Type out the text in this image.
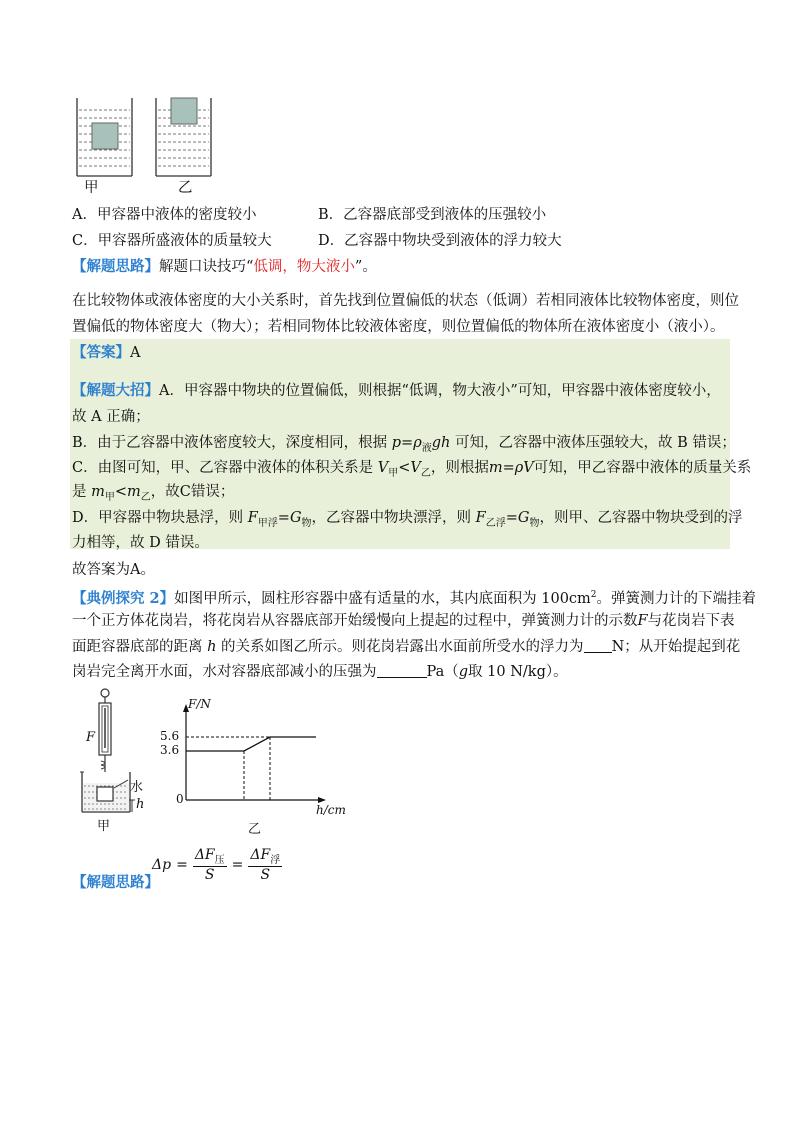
甲	乙
A．甲容器中液体的密度较小	B．乙容器底部受到液体的压强较小
C．甲容器所盛液体的质量较大	D．乙容器中物块受到液体的浮力较大
【解题思路】解题口诀技巧“低调，物大液小”。
在比较物体或液体密度的大小关系时，首先找到位置偏低的状态（低调）若相同液体比较物体密度，则位
置偏低的物体密度大（物大）；若相同物体比较液体密度，则位置偏低的物体所在液体密度小（液小）。
【答案】A
【解题大招】A．甲容器中物块的位置偏低，则根据“低调，物大液小”可知，甲容器中液体密度较小，
故 A 正确；
B．由于乙容器中液体密度较大，深度相同，根据 $p=\rho_液gh$ 可知，乙容器中液体压强较大，故 B 错误；
C．由图可知，甲、乙容器中液体的体积关系是 $V_甲<V_乙$，则根据m=ρV可知，甲乙容器中液体的质量关系
是 $m_甲<m_乙$，故C错误；
D．甲容器中物块悬浮，则 $F_{甲浮}=G_物$，乙容器中物块漂浮，则 $F_{乙浮}=G_物$，则甲、乙容器中物块受到的浮
力相等，故 D 错误。
故答案为A。
【典例探究 2】如图甲所示，圆柱形容器中盛有适量的水，其内底面积为 $100cm^2$。弹簧测力计的下端挂着
一个正方体花岗岩，将花岗岩从容器底部开始缓慢向上提起的过程中，弹簧测力计的示数F与花岗岩下表
面距容器底部的距离 h 的关系如图乙所示。则花岗岩露出水面前所受水的浮力为 N；从开始提起到花
岗岩完全离开水面，水对容器底部减小的压强为	Pa（g取 10 N/kg）。
F
水
h
甲
F/N
5.6
3.6
0
h/cm
乙
Δp =
$\Delta F_压$
S
=
$\Delta F_浮$
S
【解题思路】
